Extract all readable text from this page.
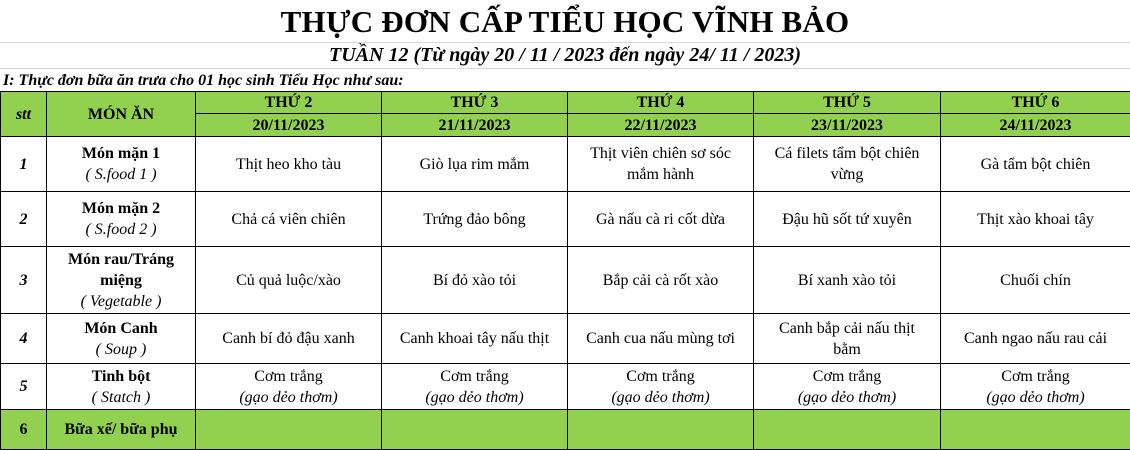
THỰC ĐƠN CẤP TIỂU HỌC VĨNH BẢO
TUẦN 12 (Từ ngày 20 / 11 / 2023 đến ngày 24/ 11 / 2023)
I: Thực đơn bữa ăn trưa cho 01 học sinh Tiểu Học như sau:
stt	MÓN ĂN	THỨ 2	THỨ 3	THỨ 4	THỨ 5	THỨ 6
		20/11/2023	21/11/2023	22/11/2023	23/11/2023	24/11/2023
1	Món mặn 1
( S.food 1 )	Thịt heo kho tàu	Giò lụa rim mắm	Thịt viên chiên sơ sóc mắm hành	Cá filets tẩm bột chiên vừng	Gà tẩm bột chiên
2	Món mặn 2
( S.food 2 )	Chả cá viên chiên	Trứng đảo bông	Gà nấu cà ri cốt dừa	Đậu hũ sốt tứ xuyên	Thịt xào khoai tây
3	Món rau/Tráng miệng
( Vegetable )	Củ quả luộc/xào	Bí đỏ xào tỏi	Bắp cải cà rốt xào	Bí xanh xào tỏi	Chuối chín
4	Món Canh
( Soup )	Canh bí đỏ đậu xanh	Canh khoai tây nấu thịt	Canh cua nấu mùng tơi	Canh bắp cải nấu thịt bằm	Canh ngao nấu rau cải
5	Tinh bột
( Statch )	Cơm trắng
(gạo dẻo thơm)	Cơm trắng
(gạo dẻo thơm)	Cơm trắng
(gạo dẻo thơm)	Cơm trắng
(gạo dẻo thơm)	Cơm trắng
(gạo dẻo thơm)

6	Bữa xế/ bữa phụ					
